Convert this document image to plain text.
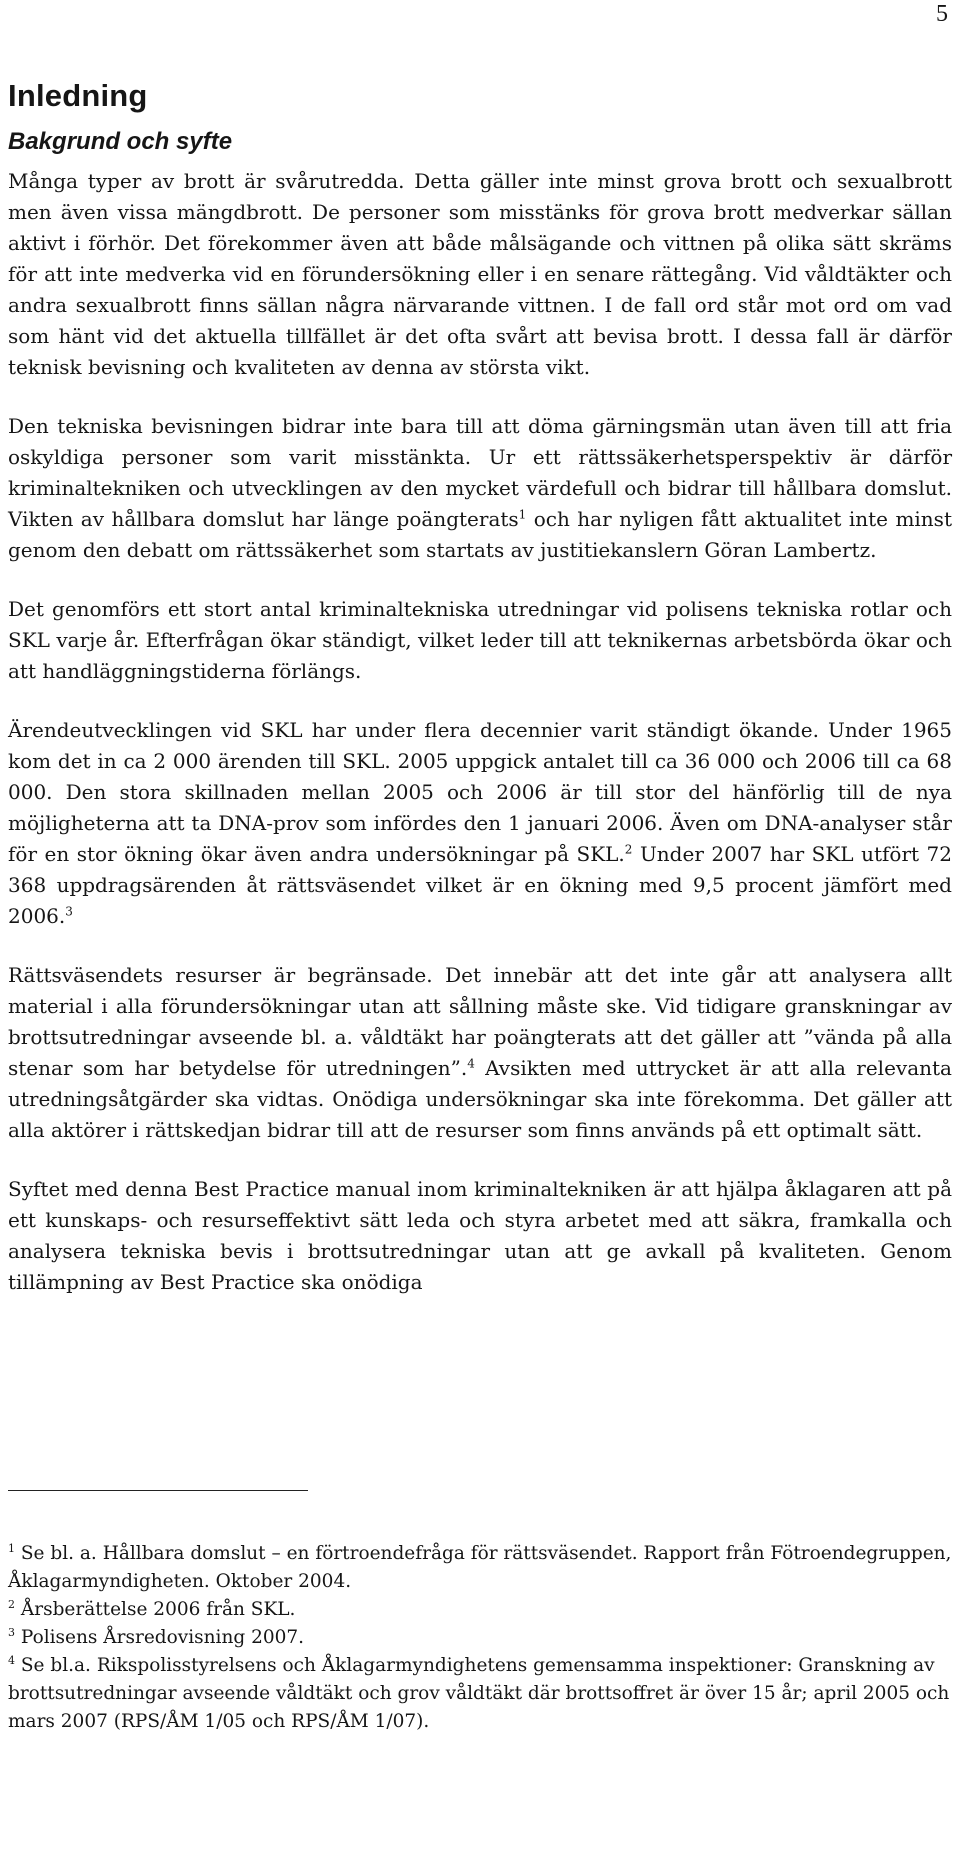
5
Inledning
Bakgrund och syfte

Många typer av brott är svårutredda. Detta gäller inte minst grova brott och sexualbrott men även vissa mängdbrott. De personer som misstänks för grova brott medverkar sällan aktivt i förhör. Det förekommer även att både målsägande och vittnen på olika sätt skräms för att inte medverka vid en förundersökning eller i en senare rättegång. Vid våldtäkter och andra sexualbrott finns sällan några närvarande vittnen. I de fall ord står mot ord om vad som hänt vid det aktuella tillfället är det ofta svårt att bevisa brott. I dessa fall är därför teknisk bevisning och kvaliteten av denna av största vikt.

Den tekniska bevisningen bidrar inte bara till att döma gärningsmän utan även till att fria oskyldiga personer som varit misstänkta. Ur ett rättssäkerhetsperspektiv är därför kriminaltekniken och utvecklingen av den mycket värdefull och bidrar till hållbara domslut. Vikten av hållbara domslut har länge poängterats$^1$ och har nyligen fått aktualitet inte minst genom den debatt om rättssäkerhet som startats av justitiekanslern Göran Lambertz.

Det genomförs ett stort antal kriminaltekniska utredningar vid polisens tekniska rotlar och SKL varje år. Efterfrågan ökar ständigt, vilket leder till att teknikernas arbetsbörda ökar och att handläggningstiderna förlängs.

Ärendeutvecklingen vid SKL har under flera decennier varit ständigt ökande. Under 1965 kom det in ca 2 000 ärenden till SKL. 2005 uppgick antalet till ca 36 000 och 2006 till ca 68 000. Den stora skillnaden mellan 2005 och 2006 är till stor del hänförlig till de nya möjligheterna att ta DNA-prov som infördes den 1 januari 2006. Även om DNA-analyser står för en stor ökning ökar även andra undersökningar på SKL.$^2$ Under 2007 har SKL utfört 72 368 uppdragsärenden åt rättsväsendet vilket är en ökning med 9,5 procent jämfört med 2006.$^3$

Rättsväsendets resurser är begränsade. Det innebär att det inte går att analysera allt material i alla förundersökningar utan att sållning måste ske. Vid tidigare granskningar av brottsutredningar avseende bl. a. våldtäkt har poängterats att det gäller att ”vända på alla stenar som har betydelse för utredningen”.$^4$ Avsikten med uttrycket är att alla relevanta utredningsåtgärder ska vidtas. Onödiga undersökningar ska inte förekomma. Det gäller att alla aktörer i rättskedjan bidrar till att de resurser som finns används på ett optimalt sätt.

Syftet med denna Best Practice manual inom kriminaltekniken är att hjälpa åklagaren att på ett kunskaps- och resurseffektivt sätt leda och styra arbetet med att säkra, framkalla och analysera tekniska bevis i brottsutredningar utan att ge avkall på kvaliteten. Genom tillämpning av Best Practice ska onödiga

$^1$ Se bl. a. Hållbara domslut – en förtroendefråga för rättsväsendet. Rapport från Fötroendegruppen, Åklagarmyndigheten. Oktober 2004.

$^2$ Årsberättelse 2006 från SKL.

$^3$ Polisens Årsredovisning 2007.

$^4$ Se bl.a. Rikspolisstyrelsens och Åklagarmyndighetens gemensamma inspektioner: Granskning av brottsutredningar avseende våldtäkt och grov våldtäkt där brottsoffret är över 15 år; april 2005 och mars 2007 (RPS/ÅM 1/05 och RPS/ÅM 1/07).
